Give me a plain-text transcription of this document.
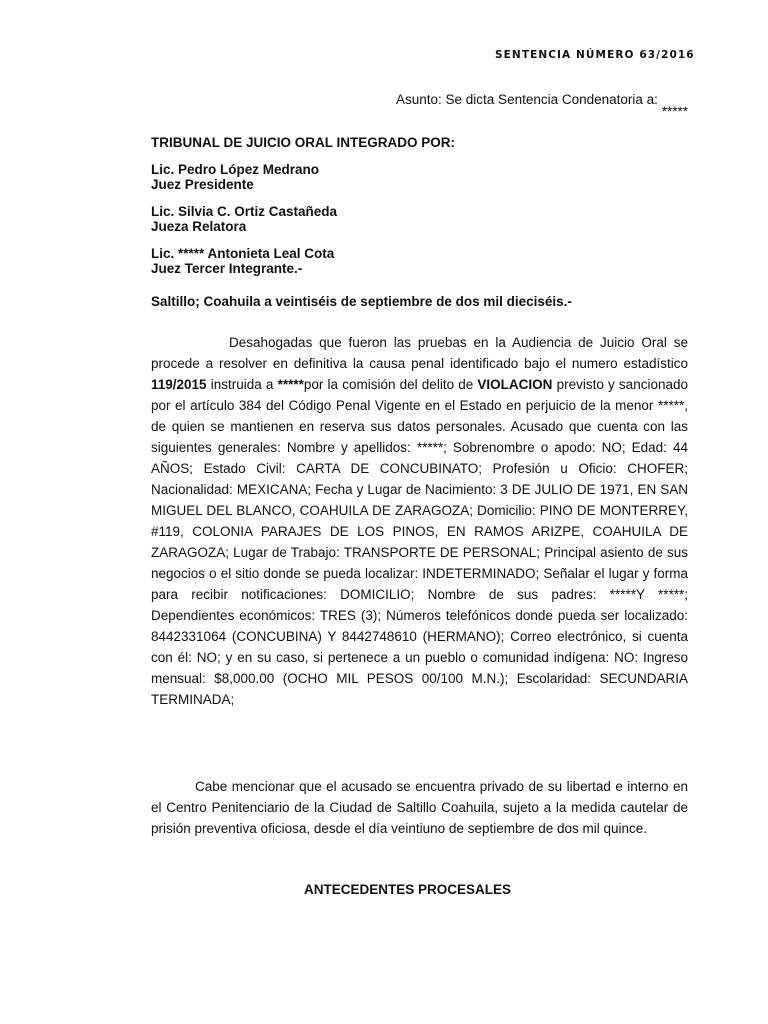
SENTENCIA NÚMERO 63/2016
Asunto: Se dicta Sentencia Condenatoria a:
*****
TRIBUNAL DE JUICIO ORAL INTEGRADO POR:
Lic. Pedro López Medrano
Juez Presidente
Lic. Silvia C. Ortiz Castañeda
Jueza Relatora
Lic. ***** Antonieta Leal Cota
Juez Tercer Integrante.-
Saltillo; Coahuila a veintiséis de septiembre de dos mil dieciséis.-
Desahogadas que fueron las pruebas en la Audiencia de Juicio Oral se procede a resolver en definitiva la causa penal identificado bajo el numero estadístico 119/2015 instruida a *****por la comisión del delito de VIOLACION previsto y sancionado por el artículo 384 del Código Penal Vigente en el Estado en perjuicio de la menor *****, de quien se mantienen en reserva sus datos personales. Acusado que cuenta con las siguientes generales: Nombre y apellidos: *****; Sobrenombre o apodo: NO; Edad: 44 AÑOS; Estado Civil: CARTA DE CONCUBINATO; Profesión u Oficio: CHOFER; Nacionalidad: MEXICANA; Fecha y Lugar de Nacimiento: 3 DE JULIO DE 1971, EN SAN MIGUEL DEL BLANCO, COAHUILA DE ZARAGOZA; Domicilio: PINO DE MONTERREY, #119, COLONIA PARAJES DE LOS PINOS, EN RAMOS ARIZPE, COAHUILA DE ZARAGOZA; Lugar de Trabajo: TRANSPORTE DE PERSONAL; Principal asiento de sus negocios o el sitio donde se pueda localizar: INDETERMINADO; Señalar el lugar y forma para recibir notificaciones: DOMICILIO; Nombre de sus padres: *****Y *****; Dependientes económicos: TRES (3); Números telefónicos donde pueda ser localizado: 8442331064 (CONCUBINA) Y 8442748610 (HERMANO); Correo electrónico, si cuenta con él: NO; y en su caso, si pertenece a un pueblo o comunidad indígena: NO: Ingreso mensual: $8,000.00 (OCHO MIL PESOS 00/100 M.N.); Escolaridad: SECUNDARIA TERMINADA;
Cabe mencionar que el acusado se encuentra privado de su libertad e interno en el Centro Penitenciario de la Ciudad de Saltillo Coahuila, sujeto a la medida cautelar de prisión preventiva oficiosa, desde el día veintiuno de septiembre de dos mil quince.
ANTECEDENTES PROCESALES
